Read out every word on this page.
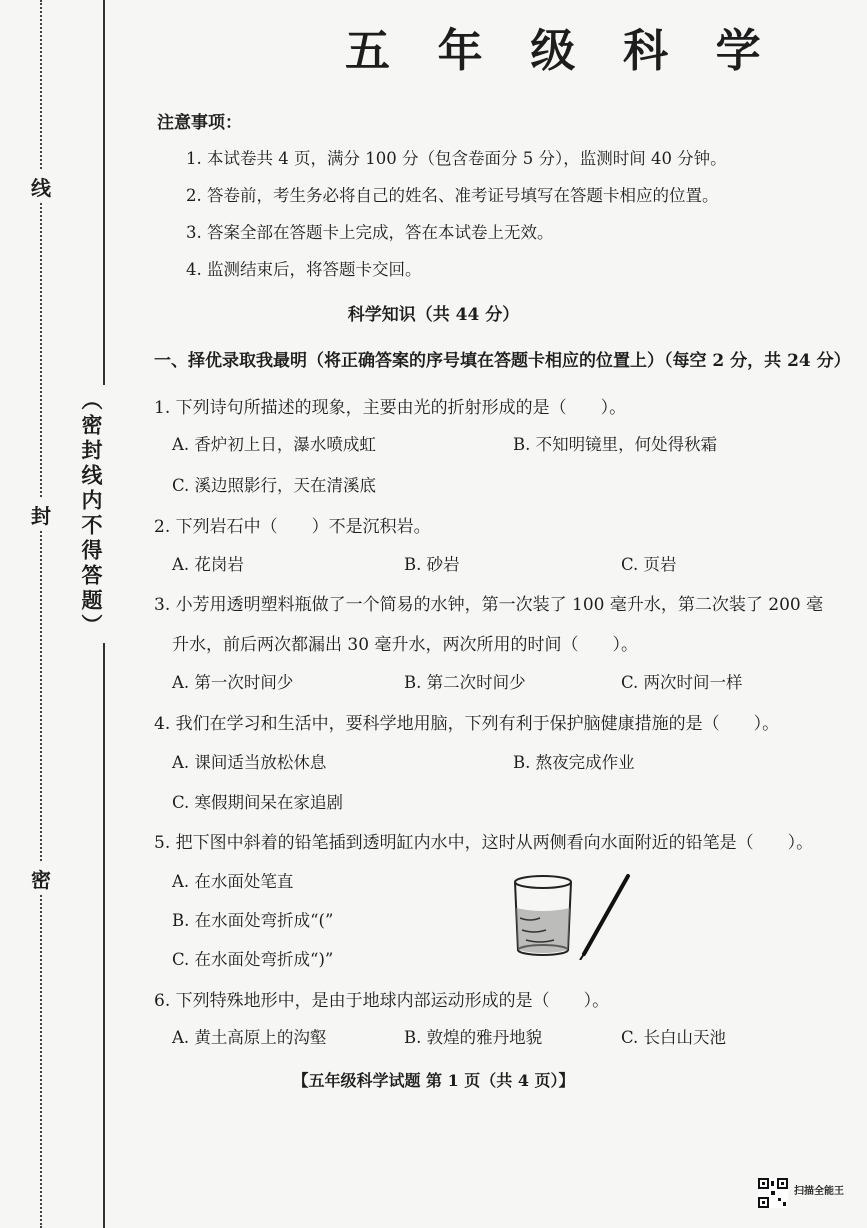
线
封
密
（密封线内不得答题）
五 年 级 科 学
注意事项：
1. 本试卷共 4 页，满分 100 分（包含卷面分 5 分），监测时间 40 分钟。
2. 答卷前，考生务必将自己的姓名、准考证号填写在答题卡相应的位置。
3. 答案全部在答题卡上完成，答在本试卷上无效。
4. 监测结束后，将答题卡交回。
科学知识（共 44 分）
一、择优录取我最明（将正确答案的序号填在答题卡相应的位置上）（每空 2 分，共 24 分）
1. 下列诗句所描述的现象，主要由光的折射形成的是（　　）。
A. 香炉初上日，瀑水喷成虹	B. 不知明镜里，何处得秋霜
C. 溪边照影行，天在清溪底
2. 下列岩石中（　　）不是沉积岩。
A. 花岗岩	B. 砂岩	C. 页岩
3. 小芳用透明塑料瓶做了一个简易的水钟，第一次装了 100 毫升水，第二次装了 200 毫
升水，前后两次都漏出 30 毫升水，两次所用的时间（　　）。
A. 第一次时间少	B. 第二次时间少	C. 两次时间一样
4. 我们在学习和生活中，要科学地用脑，下列有利于保护脑健康措施的是（　　）。
A. 课间适当放松休息	B. 熬夜完成作业
C. 寒假期间呆在家追剧
5. 把下图中斜着的铅笔插到透明缸内水中，这时从两侧看向水面附近的铅笔是（　　）。
A. 在水面处笔直
B. 在水面处弯折成“(”
C. 在水面处弯折成“)”
6. 下列特殊地形中，是由于地球内部运动形成的是（　　）。
A. 黄土高原上的沟壑	B. 敦煌的雅丹地貌	C. 长白山天池
【五年级科学试题 第 1 页（共 4 页）】
扫描全能王
